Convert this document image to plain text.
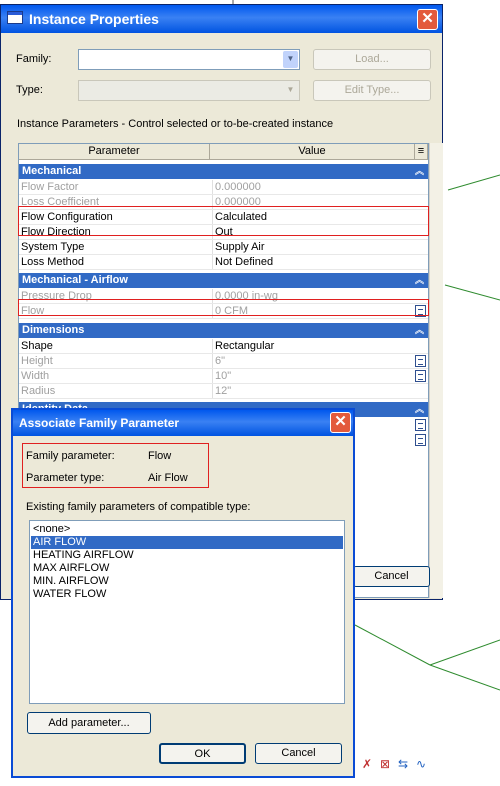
Instance Properties	✕
Family:	▼	Load...
Type:	▼	Edit Type...
Instance Parameters - Control selected or to-be-created instance
Parameter	Value	≡
Mechanical	︽
Flow Factor	0.000000
Loss Coefficient	0.000000
Flow Configuration	Calculated
Flow Direction	Out
System Type	Supply Air
Loss Method	Not Defined
Mechanical - Airflow	︽
Pressure Drop	0.0000 in-wg
Flow	0 CFM
Dimensions	︽
Shape	Rectangular
Height	6"
Width	10"
Radius	12"
︽
Cancel
Associate Family Parameter	✕
Family parameter:	Flow
Parameter type:	Air Flow
Existing family parameters of compatible type:
<none>
AIR FLOW
HEATING AIRFLOW
MAX AIRFLOW
MIN. AIRFLOW
WATER FLOW
Add parameter...
OK	Cancel
✗ ⊠ ⇆ ∿
